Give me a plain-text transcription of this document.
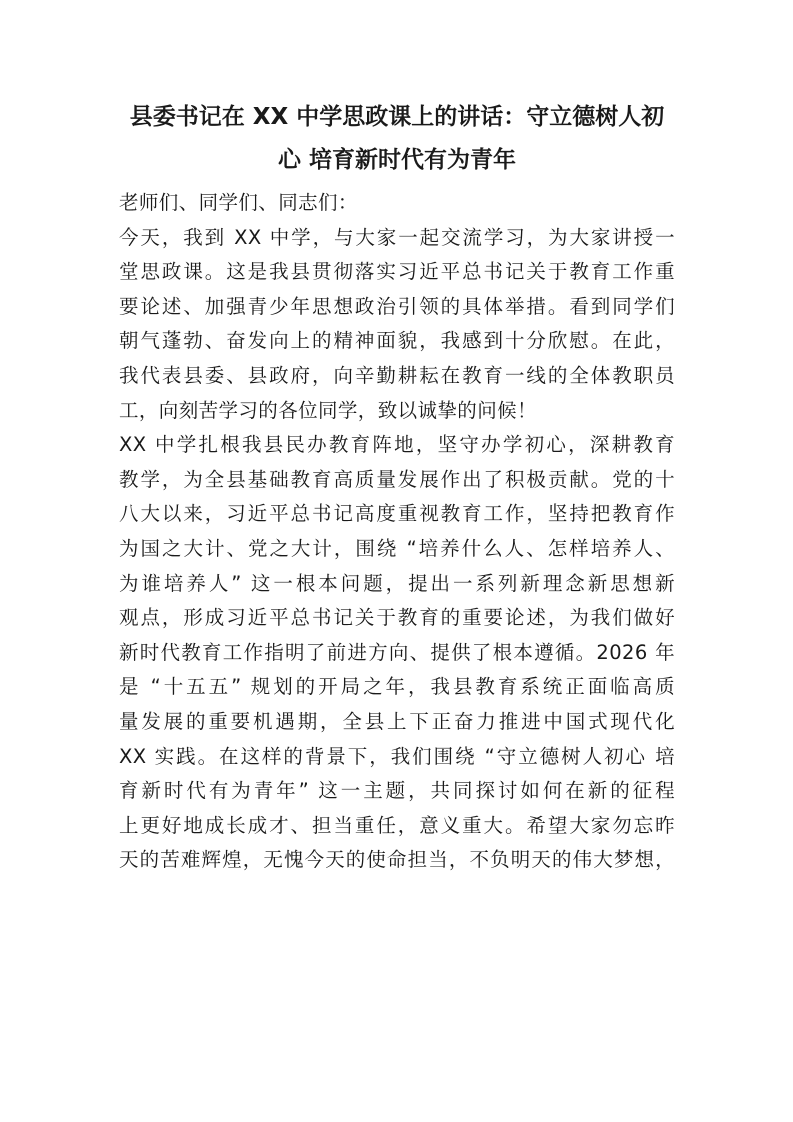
县委书记在 XX 中学思政课上的讲话：守立德树人初
心 培育新时代有为青年
老师们、同学们、同志们：
今天，我到 XX 中学，与大家一起交流学习，为大家讲授一
堂思政课。这是我县贯彻落实习近平总书记关于教育工作重
要论述、加强青少年思想政治引领的具体举措。看到同学们
朝气蓬勃、奋发向上的精神面貌，我感到十分欣慰。在此，
我代表县委、县政府，向辛勤耕耘在教育一线的全体教职员
工，向刻苦学习的各位同学，致以诚挚的问候！
XX 中学扎根我县民办教育阵地，坚守办学初心，深耕教育
教学，为全县基础教育高质量发展作出了积极贡献。党的十
八大以来，习近平总书记高度重视教育工作，坚持把教育作
为国之大计、党之大计，围绕 “培养什么人、怎样培养人、
为谁培养人” 这一根本问题，提出一系列新理念新思想新
观点，形成习近平总书记关于教育的重要论述，为我们做好
新时代教育工作指明了前进方向、提供了根本遵循。2026 年
是 “十五五” 规划的开局之年，我县教育系统正面临高质
量发展的重要机遇期，全县上下正奋力推进中国式现代化
XX 实践。在这样的背景下，我们围绕 “守立德树人初心 培
育新时代有为青年” 这一主题，共同探讨如何在新的征程
上更好地成长成才、担当重任，意义重大。希望大家勿忘昨
天的苦难辉煌，无愧今天的使命担当，不负明天的伟大梦想，
